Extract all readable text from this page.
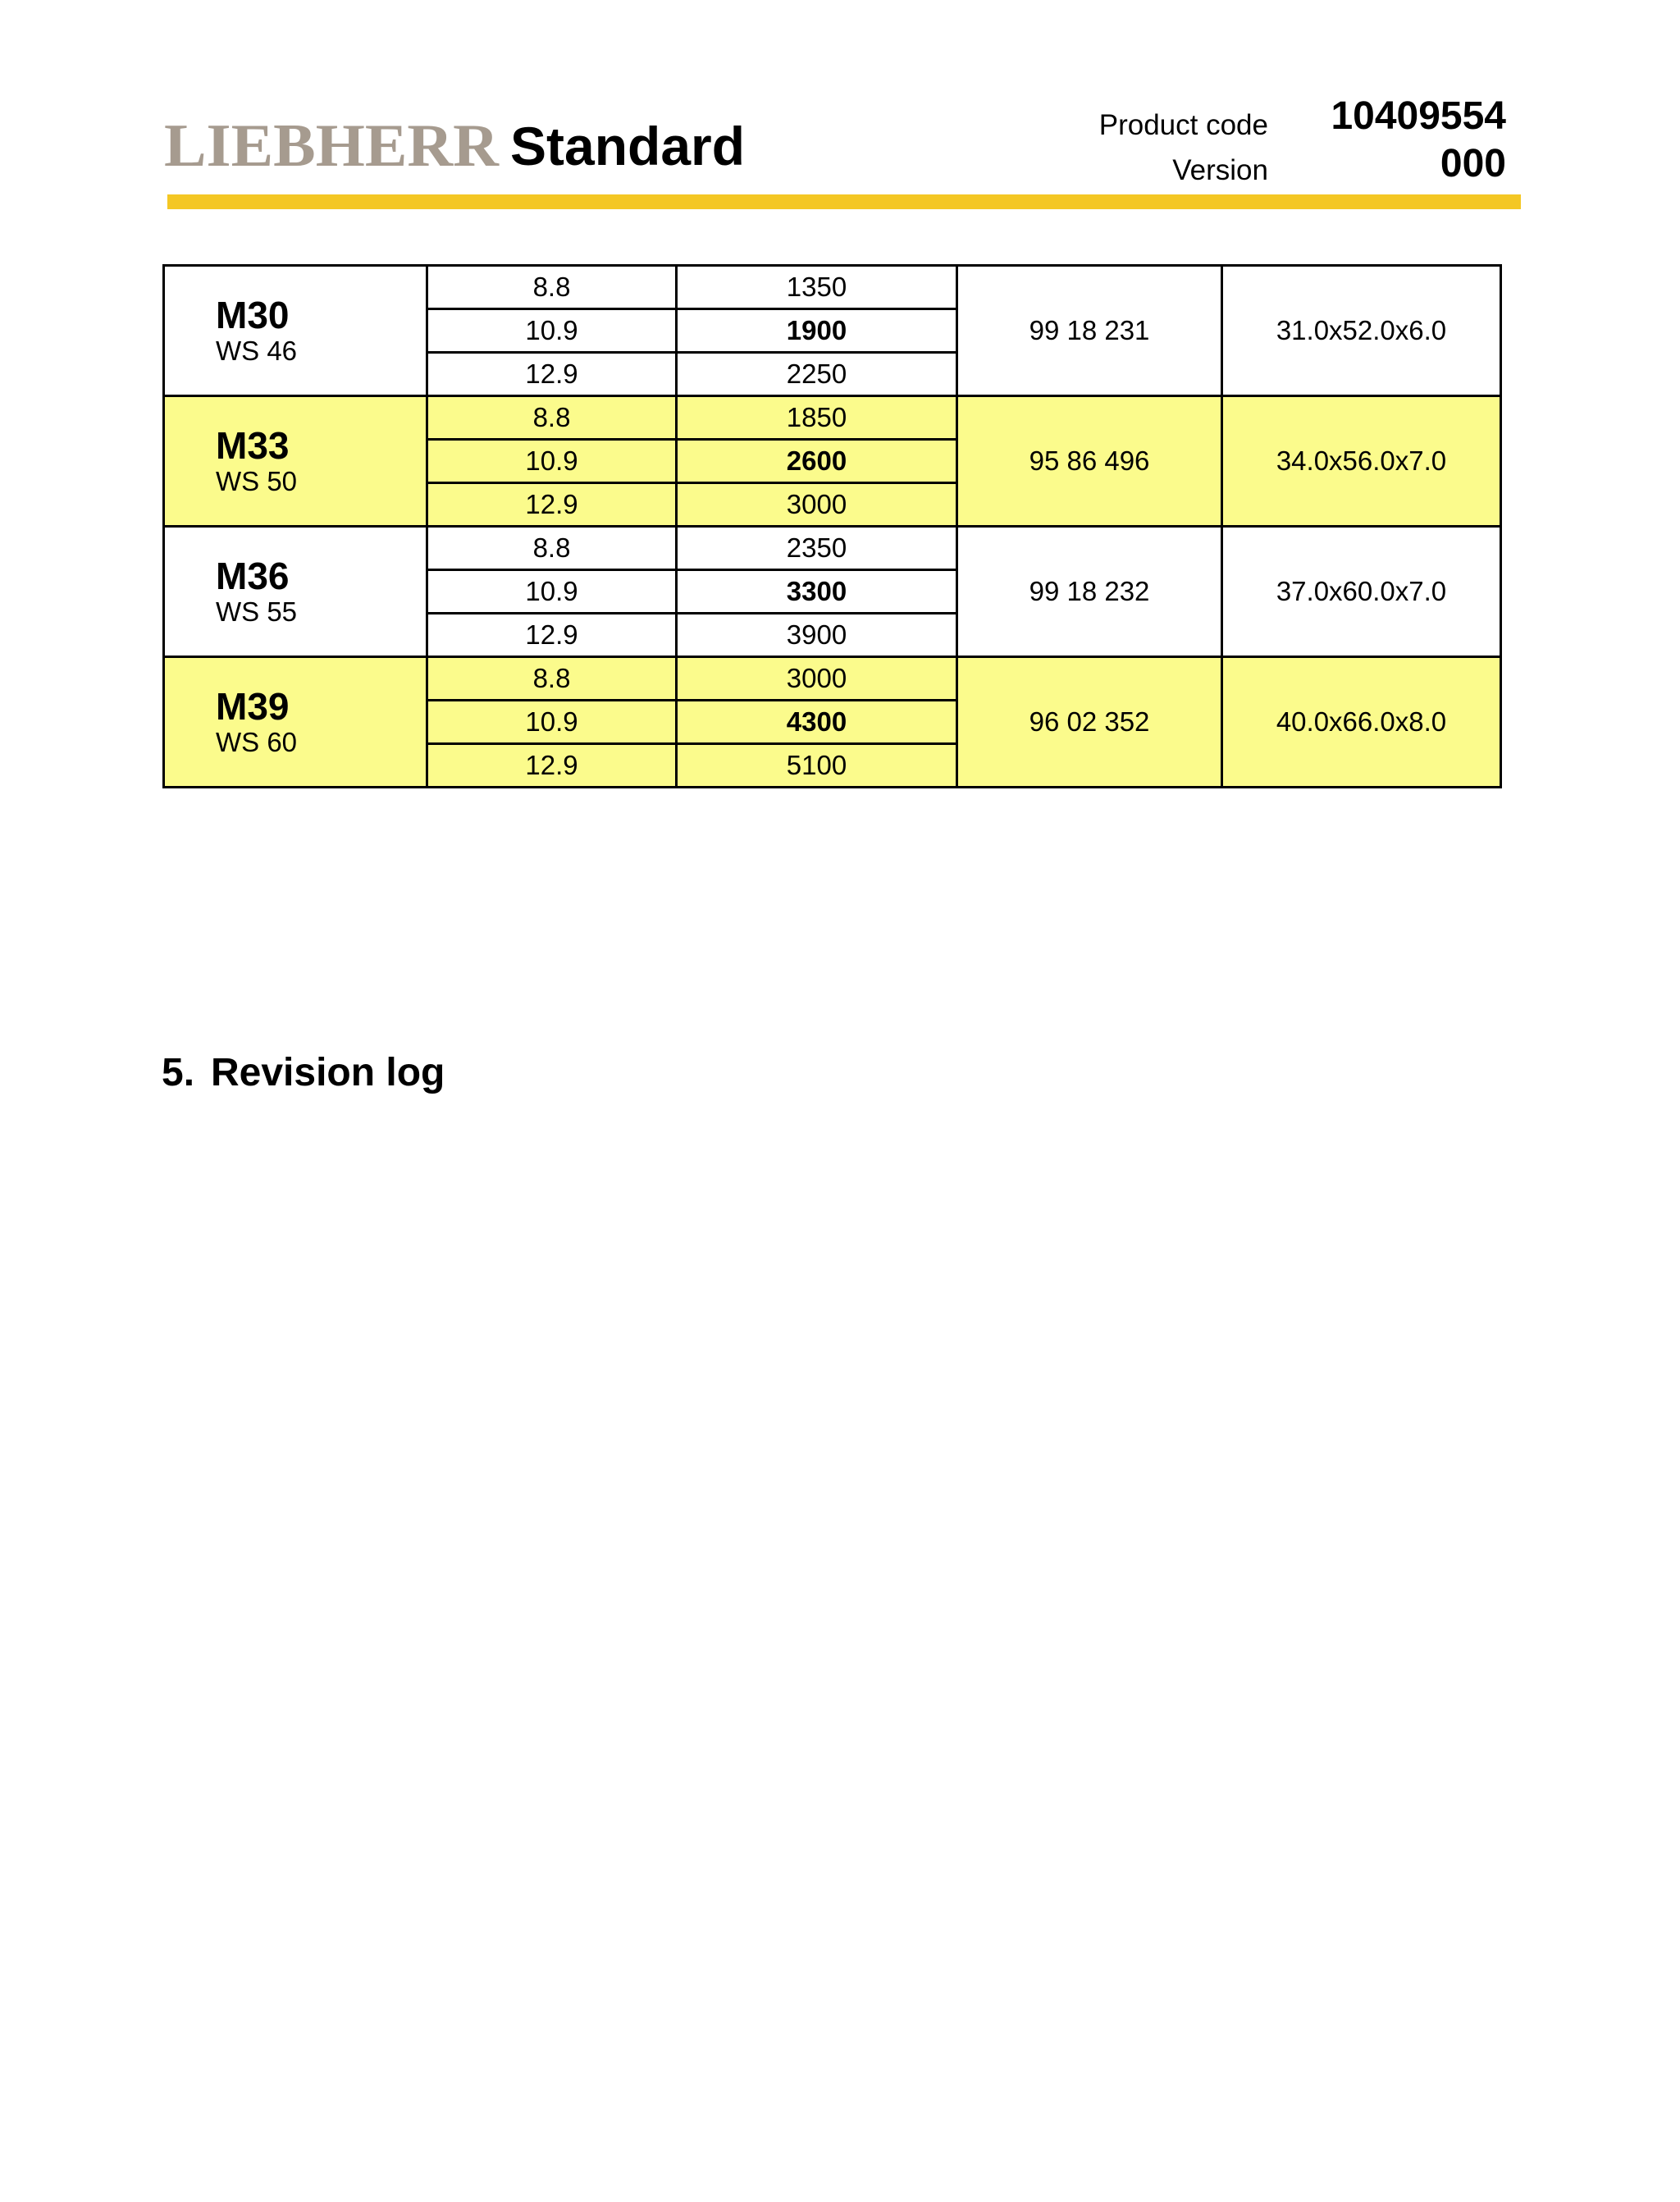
LIEBHERR Standard	Product code 10409554
Version	000
M30
WS 46	8.8	1350	99 18 231	31.0x52.0x6.0
	10.9	1900		
	12.9	2250		

M33
WS 50	8.8	1850	95 86 496	34.0x56.0x7.0
	10.9	2600		
	12.9	3000		

M36
WS 55	8.8	2350	99 18 232	37.0x60.0x7.0
	10.9	3300		
	12.9	3900		

M39
WS 60	8.8	3000	96 02 352	40.0x66.0x8.0
	10.9	4300		
	12.9	5100		
5. Revision log
